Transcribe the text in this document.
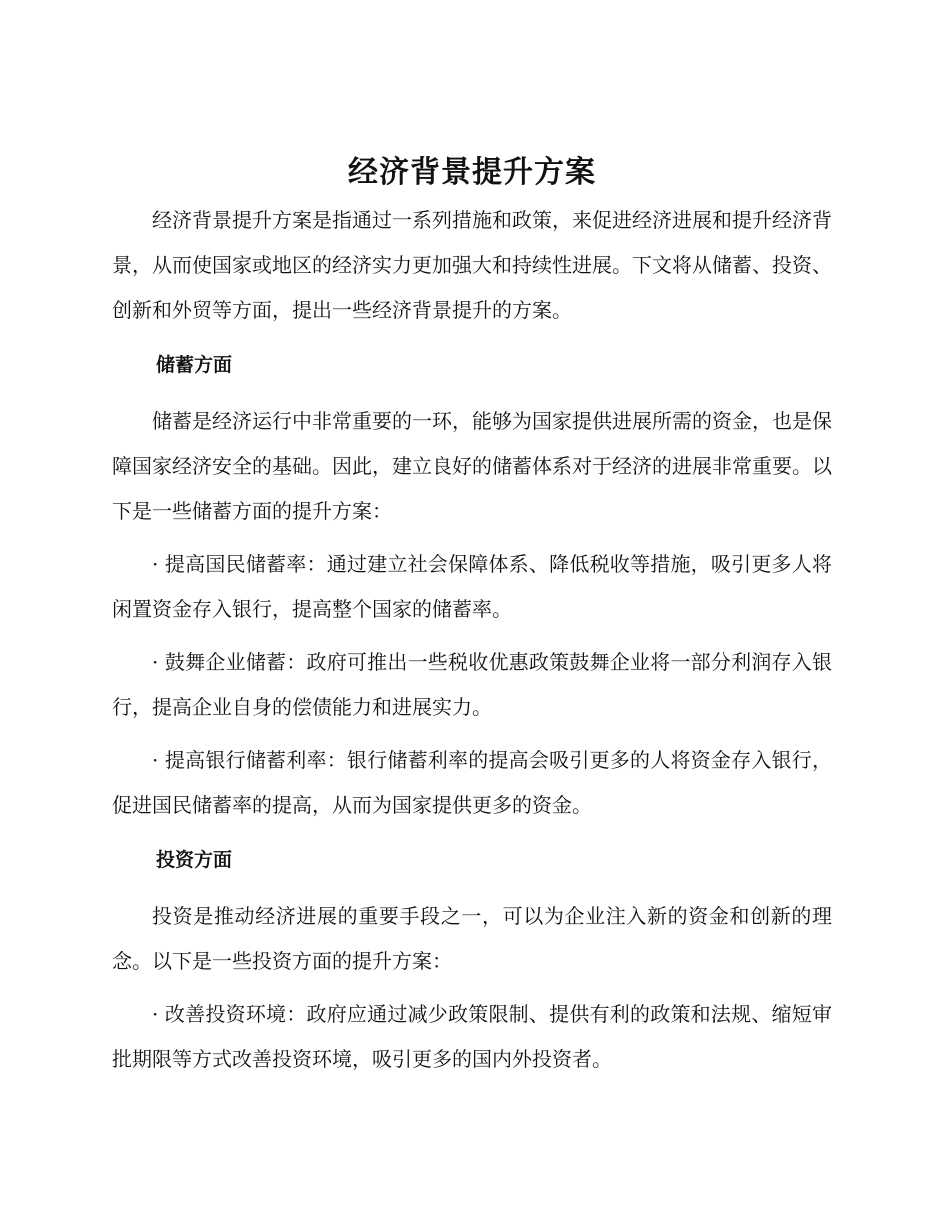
经济背景提升方案

经济背景提升方案是指通过一系列措施和政策，来促进经济进展和提升经济背景，从而使国家或地区的经济实力更加强大和持续性进展。下文将从储蓄、投资、创新和外贸等方面，提出一些经济背景提升的方案。

储蓄方面

储蓄是经济运行中非常重要的一环，能够为国家提供进展所需的资金，也是保障国家经济安全的基础。因此，建立良好的储蓄体系对于经济的进展非常重要。以下是一些储蓄方面的提升方案：

· 提高国民储蓄率：通过建立社会保障体系、降低税收等措施，吸引更多人将闲置资金存入银行，提高整个国家的储蓄率。

· 鼓舞企业储蓄：政府可推出一些税收优惠政策鼓舞企业将一部分利润存入银行，提高企业自身的偿债能力和进展实力。

· 提高银行储蓄利率：银行储蓄利率的提高会吸引更多的人将资金存入银行，促进国民储蓄率的提高，从而为国家提供更多的资金。

投资方面

投资是推动经济进展的重要手段之一，可以为企业注入新的资金和创新的理念。以下是一些投资方面的提升方案：

· 改善投资环境：政府应通过减少政策限制、提供有利的政策和法规、缩短审批期限等方式改善投资环境，吸引更多的国内外投资者。
